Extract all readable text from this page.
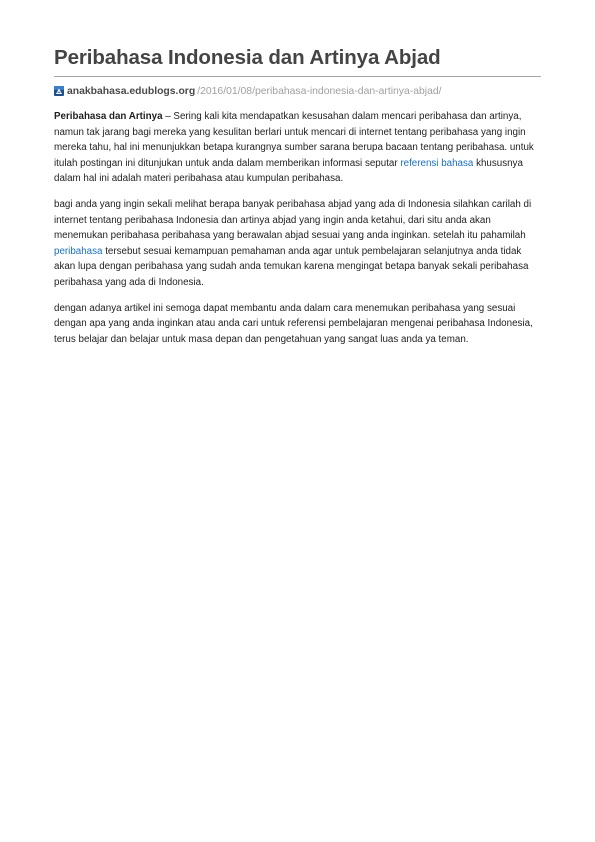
Peribahasa Indonesia dan Artinya Abjad
anakbahasa.edublogs.org /2016/01/08/peribahasa-indonesia-dan-artinya-abjad/

Peribahasa dan Artinya – Sering kali kita mendapatkan kesusahan dalam mencari peribahasa dan artinya, namun tak jarang bagi mereka yang kesulitan berlari untuk mencari di internet tentang peribahasa yang ingin mereka tahu, hal ini menunjukkan betapa kurangnya sumber sarana berupa bacaan tentang peribahasa. untuk itulah postingan ini ditunjukan untuk anda dalam memberikan informasi seputar referensi bahasa khususnya dalam hal ini adalah materi peribahasa atau kumpulan peribahasa.

bagi anda yang ingin sekali melihat berapa banyak peribahasa abjad yang ada di Indonesia silahkan carilah di internet tentang peribahasa Indonesia dan artinya abjad yang ingin anda ketahui, dari situ anda akan menemukan peribahasa peribahasa yang berawalan abjad sesuai yang anda inginkan. setelah itu pahamilah peribahasa tersebut sesuai kemampuan pemahaman anda agar untuk pembelajaran selanjutnya anda tidak akan lupa dengan peribahasa yang sudah anda temukan karena mengingat betapa banyak sekali peribahasa peribahasa yang ada di Indonesia.

dengan adanya artikel ini semoga dapat membantu anda dalam cara menemukan peribahasa yang sesuai dengan apa yang anda inginkan atau anda cari untuk referensi pembelajaran mengenai peribahasa Indonesia, terus belajar dan belajar untuk masa depan dan pengetahuan yang sangat luas anda ya teman.
